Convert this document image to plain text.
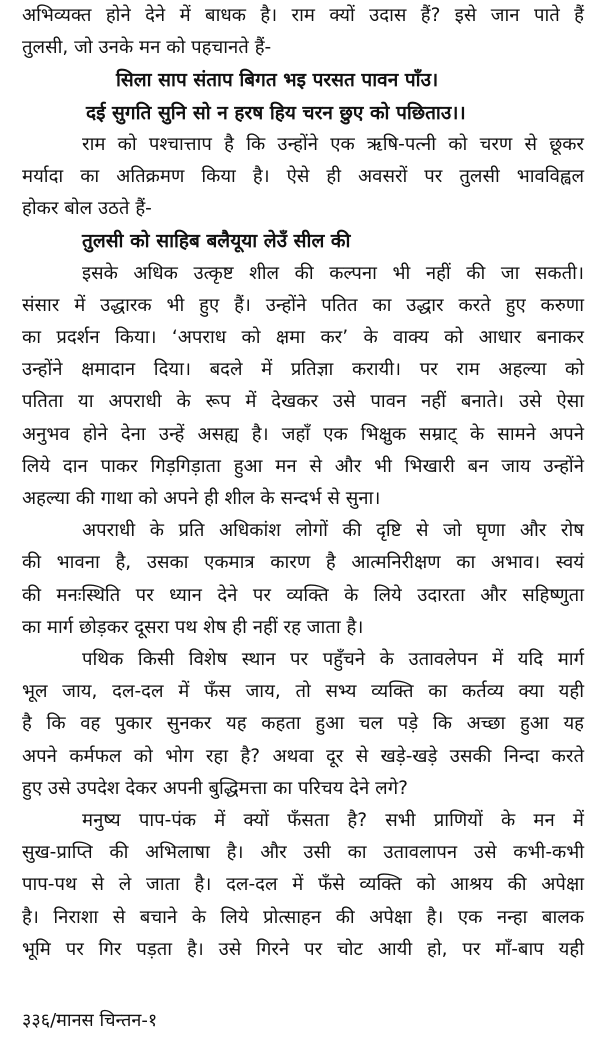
अभिव्यक्त होने देने में बाधक है। राम क्यों उदास हैं? इसे जान पाते हैं
तुलसी, जो उनके मन को पहचानते हैं-
सिला साप संताप बिगत भइ परसत पावन पाँउ।
दई सुगति सुनि सो न हरष हिय चरन छुए को पछिताउ।।
राम को पश्चात्ताप है कि उन्होंने एक ऋषि-पत्नी को चरण से छूकर
मर्यादा का अतिक्रमण किया है। ऐसे ही अवसरों पर तुलसी भावविह्वल
होकर बोल उठते हैं-
तुलसी को साहिब बलैयूया लेउँ सील की
इसके अधिक उत्कृष्ट शील की कल्पना भी नहीं की जा सकती।
संसार में उद्धारक भी हुए हैं। उन्होंने पतित का उद्धार करते हुए करुणा
का प्रदर्शन किया। ‘अपराध को क्षमा कर’ के वाक्य को आधार बनाकर
उन्होंने क्षमादान दिया। बदले में प्रतिज्ञा करायी। पर राम अहल्या को
पतिता या अपराधी के रूप में देखकर उसे पावन नहीं बनाते। उसे ऐसा
अनुभव होने देना उन्हें असह्य है। जहाँ एक भिक्षुक सम्राट् के सामने अपने
लिये दान पाकर गिड़गिड़ाता हुआ मन से और भी भिखारी बन जाय उन्होंने
अहल्या की गाथा को अपने ही शील के सन्दर्भ से सुना।
अपराधी के प्रति अधिकांश लोगों की दृष्टि से जो घृणा और रोष
की भावना है, उसका एकमात्र कारण है आत्मनिरीक्षण का अभाव। स्वयं
की मनःस्थिति पर ध्यान देने पर व्यक्ति के लिये उदारता और सहिष्णुता
का मार्ग छोड़कर दूसरा पथ शेष ही नहीं रह जाता है।
पथिक किसी विशेष स्थान पर पहुँचने के उतावलेपन में यदि मार्ग
भूल जाय, दल-दल में फँस जाय, तो सभ्य व्यक्ति का कर्तव्य क्या यही
है कि वह पुकार सुनकर यह कहता हुआ चल पड़े कि अच्छा हुआ यह
अपने कर्मफल को भोग रहा है? अथवा दूर से खड़े-खड़े उसकी निन्दा करते
हुए उसे उपदेश देकर अपनी बुद्धिमत्ता का परिचय देने लगे?
मनुष्य पाप-पंक में क्यों फँसता है? सभी प्राणियों के मन में
सुख-प्राप्ति की अभिलाषा है। और उसी का उतावलापन उसे कभी-कभी
पाप-पथ से ले जाता है। दल-दल में फँसे व्यक्ति को आश्रय की अपेक्षा
है। निराशा से बचाने के लिये प्रोत्साहन की अपेक्षा है। एक नन्हा बालक
भूमि पर गिर पड़ता है। उसे गिरने पर चोट आयी हो, पर माँ-बाप यही
३३६/मानस चिन्तन-१
